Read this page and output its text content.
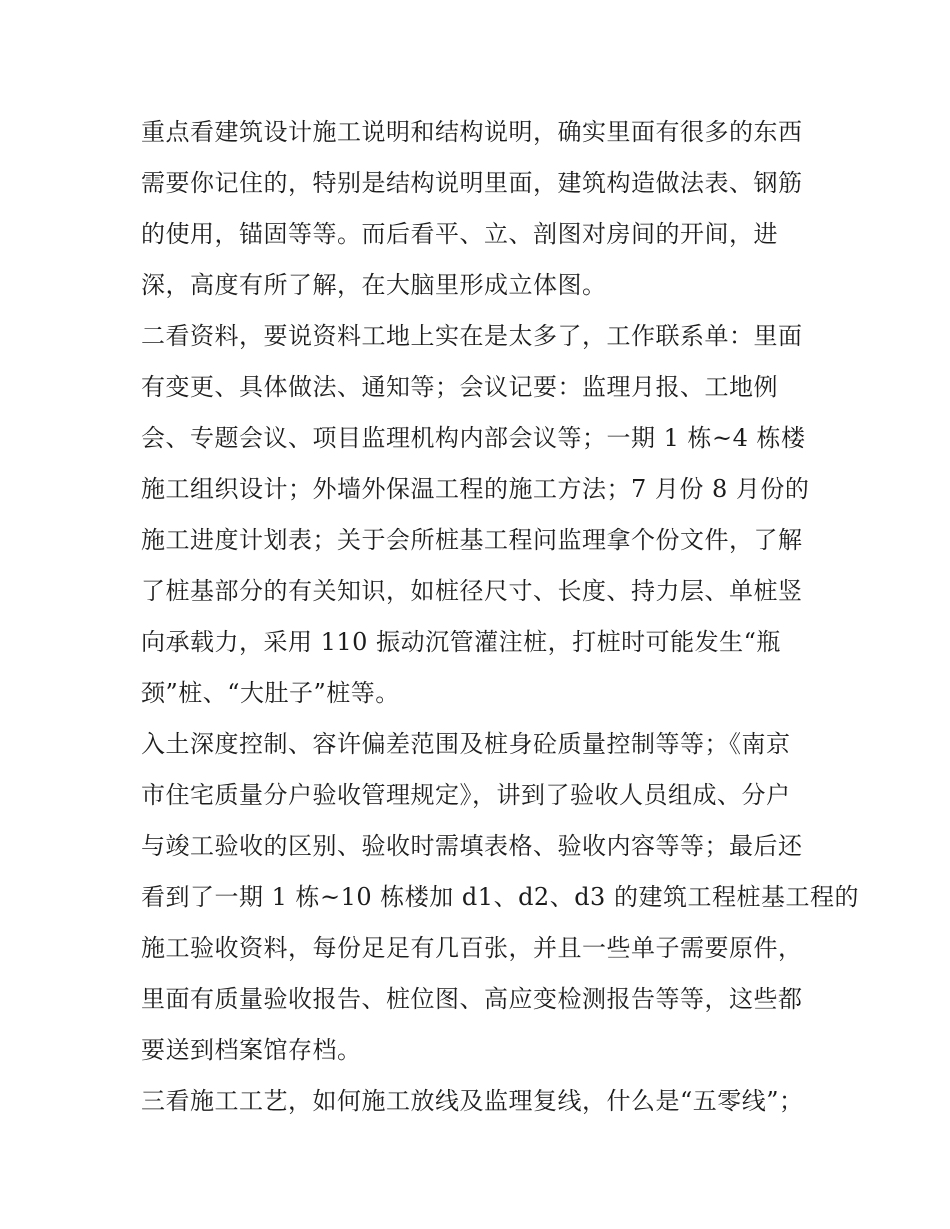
重点看建筑设计施工说明和结构说明，确实里面有很多的东西
需要你记住的，特别是结构说明里面，建筑构造做法表、钢筋
的使用，锚固等等。而后看平、立、剖图对房间的开间，进
深，高度有所了解，在大脑里形成立体图。
二看资料，要说资料工地上实在是太多了，工作联系单：里面
有变更、具体做法、通知等；会议记要：监理月报、工地例
会、专题会议、项目监理机构内部会议等；一期 1 栋~4 栋楼
施工组织设计；外墙外保温工程的施工方法；7 月份 8 月份的
施工进度计划表；关于会所桩基工程问监理拿个份文件，了解
了桩基部分的有关知识，如桩径尺寸、长度、持力层、单桩竖
向承载力，采用 110 振动沉管灌注桩，打桩时可能发生“瓶
颈”桩、“大肚子”桩等。
入土深度控制、容许偏差范围及桩身砼质量控制等等；《南京
市住宅质量分户验收管理规定》，讲到了验收人员组成、分户
与竣工验收的区别、验收时需填表格、验收内容等等；最后还
看到了一期 1 栋~10 栋楼加 d1、d2、d3 的建筑工程桩基工程的
施工验收资料，每份足足有几百张，并且一些单子需要原件，
里面有质量验收报告、桩位图、高应变检测报告等等，这些都
要送到档案馆存档。
三看施工工艺，如何施工放线及监理复线，什么是“五零线”；
